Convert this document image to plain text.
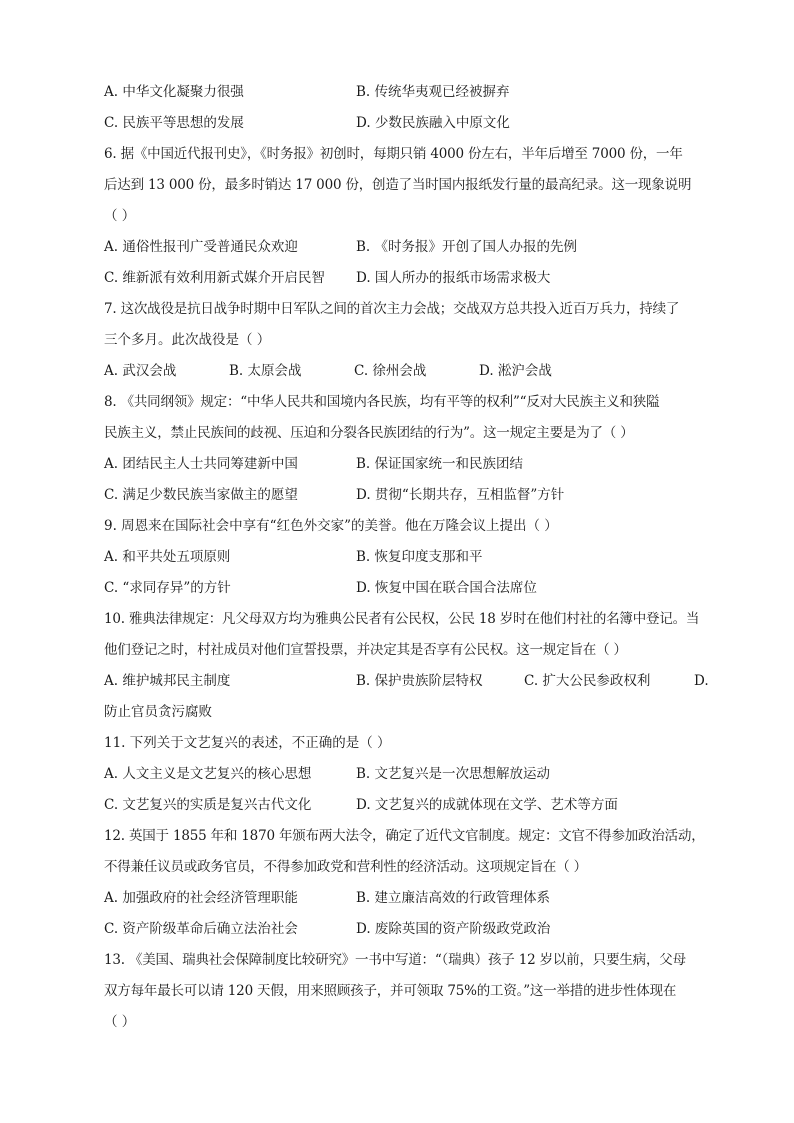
A. 中华文化凝聚力很强	B. 传统华夷观已经被摒弃
C. 民族平等思想的发展	D. 少数民族融入中原文化
6. 据《中国近代报刊史》，《时务报》初创时，每期只销 4000 份左右，半年后增至 7000 份，一年
后达到 13 000 份，最多时销达 17 000 份，创造了当时国内报纸发行量的最高纪录。这一现象说明
（ ）
A. 通俗性报刊广受普通民众欢迎	B. 《时务报》开创了国人办报的先例
C. 维新派有效利用新式媒介开启民智 D. 国人所办的报纸市场需求极大
7. 这次战役是抗日战争时期中日军队之间的首次主力会战；交战双方总共投入近百万兵力，持续了
三个多月。此次战役是（ ）
A. 武汉会战	B. 太原会战	C. 徐州会战	D. 淞沪会战
8. 《共同纲领》规定：“中华人民共和国境内各民族，均有平等的权利”“反对大民族主义和狭隘
民族主义，禁止民族间的歧视、压迫和分裂各民族团结的行为”。这一规定主要是为了（ ）
A. 团结民主人士共同筹建新中国	B. 保证国家统一和民族团结
C. 满足少数民族当家做主的愿望	D. 贯彻“长期共存，互相监督”方针
9. 周恩来在国际社会中享有“红色外交家”的美誉。他在万隆会议上提出（ ）
A. 和平共处五项原则	B. 恢复印度支那和平
C. “求同存异”的方针	D. 恢复中国在联合国合法席位
10. 雅典法律规定：凡父母双方均为雅典公民者有公民权，公民 18 岁时在他们村社的名簿中登记。当
他们登记之时，村社成员对他们宣誓投票，并决定其是否享有公民权。这一规定旨在（ ）
A. 维护城邦民主制度	B. 保护贵族阶层特权	C. 扩大公民参政权利	D.
防止官员贪污腐败
11. 下列关于文艺复兴的表述，不正确的是（ ）
A. 人文主义是文艺复兴的核心思想	B. 文艺复兴是一次思想解放运动
C. 文艺复兴的实质是复兴古代文化	D. 文艺复兴的成就体现在文学、艺术等方面
12. 英国于 1855 年和 1870 年颁布两大法令，确定了近代文官制度。规定：文官不得参加政治活动，
不得兼任议员或政务官员，不得参加政党和营利性的经济活动。这项规定旨在（ ）
A. 加强政府的社会经济管理职能	B. 建立廉洁高效的行政管理体系
C. 资产阶级革命后确立法治社会	D. 废除英国的资产阶级政党政治
13. 《美国、瑞典社会保障制度比较研究》一书中写道：“（瑞典）孩子 12 岁以前，只要生病，父母
双方每年最长可以请 120 天假，用来照顾孩子，并可领取 75%的工资。”这一举措的进步性体现在
（ ）
